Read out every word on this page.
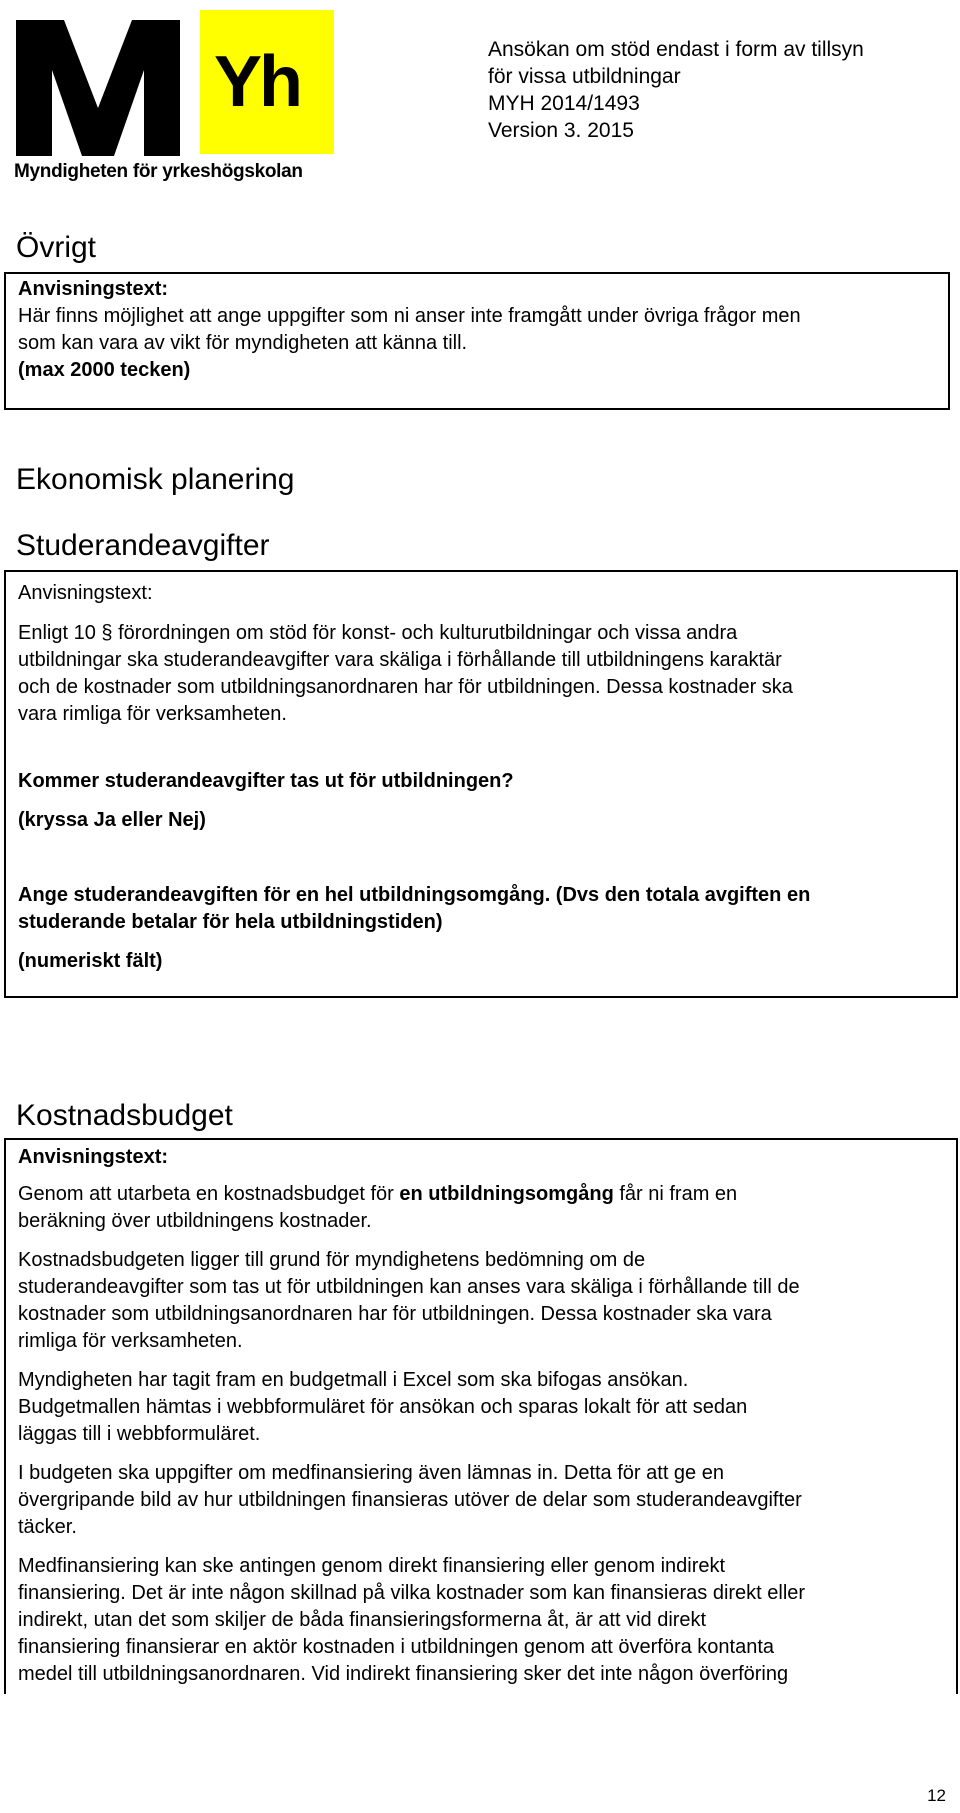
Yh
Myndigheten för yrkeshögskolan
Ansökan om stöd endast i form av tillsyn
för vissa utbildningar
MYH 2014/1493
Version 3. 2015
Övrigt
Anvisningstext:
Här finns möjlighet att ange uppgifter som ni anser inte framgått under övriga frågor men
som kan vara av vikt för myndigheten att känna till.
(max 2000 tecken)
Ekonomisk planering
Studerandeavgifter
Anvisningstext:
Enligt 10 § förordningen om stöd för konst- och kulturutbildningar och vissa andra
utbildningar ska studerandeavgifter vara skäliga i förhållande till utbildningens karaktär
och de kostnader som utbildningsanordnaren har för utbildningen. Dessa kostnader ska
vara rimliga för verksamheten.
Kommer studerandeavgifter tas ut för utbildningen?
(kryssa Ja eller Nej)
Ange studerandeavgiften för en hel utbildningsomgång. (Dvs den totala avgiften en
studerande betalar för hela utbildningstiden)
(numeriskt fält)
Kostnadsbudget
Anvisningstext:
Genom att utarbeta en kostnadsbudget för en utbildningsomgång får ni fram en
beräkning över utbildningens kostnader.
Kostnadsbudgeten ligger till grund för myndighetens bedömning om de
studerandeavgifter som tas ut för utbildningen kan anses vara skäliga i förhållande till de
kostnader som utbildningsanordnaren har för utbildningen. Dessa kostnader ska vara
rimliga för verksamheten.
Myndigheten har tagit fram en budgetmall i Excel som ska bifogas ansökan.
Budgetmallen hämtas i webbformuläret för ansökan och sparas lokalt för att sedan
läggas till i webbformuläret.
I budgeten ska uppgifter om medfinansiering även lämnas in. Detta för att ge en
övergripande bild av hur utbildningen finansieras utöver de delar som studerandeavgifter
täcker.
Medfinansiering kan ske antingen genom direkt finansiering eller genom indirekt
finansiering. Det är inte någon skillnad på vilka kostnader som kan finansieras direkt eller
indirekt, utan det som skiljer de båda finansieringsformerna åt, är att vid direkt
finansiering finansierar en aktör kostnaden i utbildningen genom att överföra kontanta
medel till utbildningsanordnaren. Vid indirekt finansiering sker det inte någon överföring
12
